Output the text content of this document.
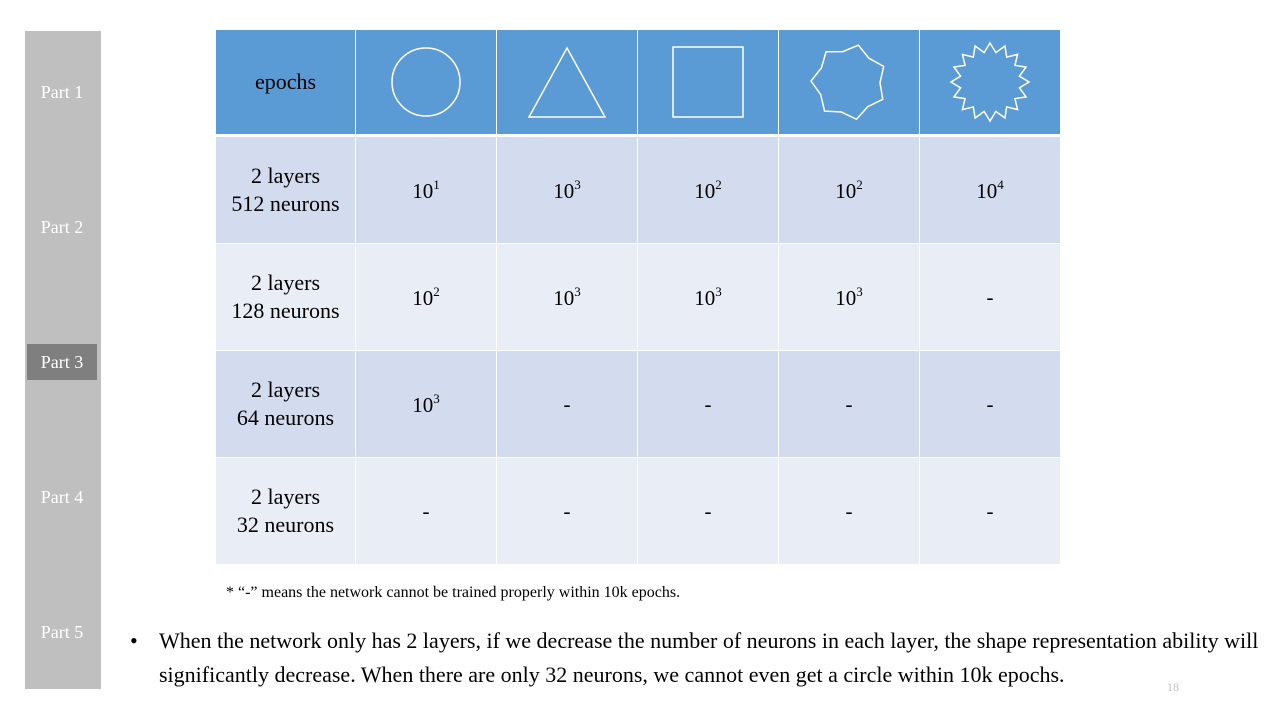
Part 1
Part 2
Part 3
Part 4
Part 5
epochs	

2 layers
512 neurons	$10^1$	$10^3$	$10^2$	$10^2$	$10^4$

2 layers
128 neurons	$10^2$	$10^3$	$10^3$	$10^3$	-

2 layers
64 neurons	$10^3$	-	-	-	-

2 layers
32 neurons	-	-	-	-	-
* “-” means the network cannot be trained properly within 10k epochs.
• When the network only has 2 layers, if we decrease the number of neurons in each layer, the shape representation ability will significantly decrease. When there are only 32 neurons, we cannot even get a circle within 10k epochs.	18
